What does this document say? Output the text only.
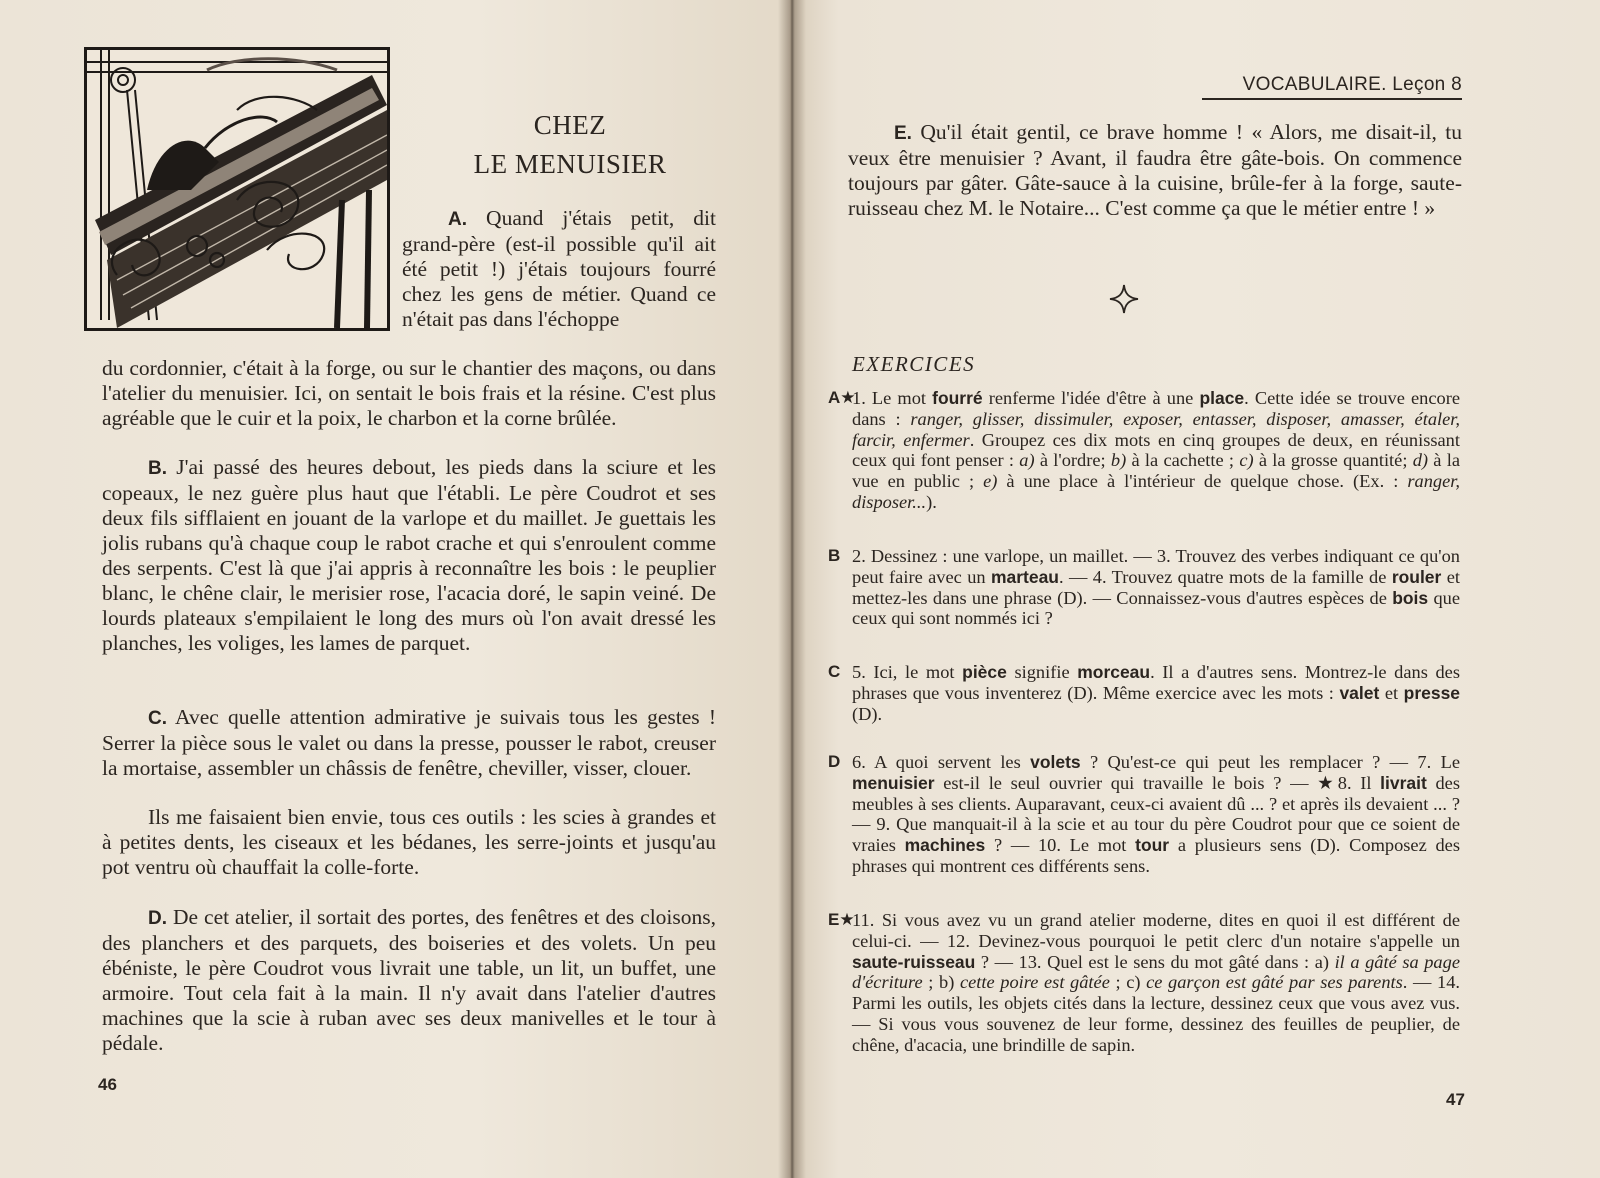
CHEZ
LE MENUISIER
A. Quand j'étais petit, dit grand-père (est-il possible qu'il ait été petit !) j'étais toujours fourré chez les gens de métier. Quand ce n'était pas dans l'échoppe
du cordonnier, c'était à la forge, ou sur le chantier des maçons, ou dans l'atelier du menuisier. Ici, on sentait le bois frais et la résine. C'est plus agréable que le cuir et la poix, le charbon et la corne brûlée.
B. J'ai passé des heures debout, les pieds dans la sciure et les copeaux, le nez guère plus haut que l'établi. Le père Coudrot et ses deux fils sifflaient en jouant de la varlope et du maillet. Je guettais les jolis rubans qu'à chaque coup le rabot crache et qui s'enroulent comme des serpents. C'est là que j'ai appris à reconnaître les bois : le peuplier blanc, le chêne clair, le merisier rose, l'acacia doré, le sapin veiné. De lourds plateaux s'empilaient le long des murs où l'on avait dressé les planches, les voliges, les lames de parquet.
C. Avec quelle attention admirative je suivais tous les gestes ! Serrer la pièce sous le valet ou dans la presse, pousser le rabot, creuser la mortaise, assembler un châssis de fenêtre, cheviller, visser, clouer.
Ils me faisaient bien envie, tous ces outils : les scies à grandes et à petites dents, les ciseaux et les bédanes, les serre-joints et jusqu'au pot ventru où chauffait la colle-forte.
D. De cet atelier, il sortait des portes, des fenêtres et des cloisons, des planchers et des parquets, des boiseries et des volets. Un peu ébéniste, le père Coudrot vous livrait une table, un lit, un buffet, une armoire. Tout cela fait à la main. Il n'y avait dans l'atelier d'autres machines que la scie à ruban avec ses deux manivelles et le tour à pédale.
46
VOCABULAIRE. Leçon 8
E. Qu'il était gentil, ce brave homme ! « Alors, me disait-il, tu veux être menuisier ? Avant, il faudra être gâte-bois. On commence toujours par gâter. Gâte-sauce à la cuisine, brûle-fer à la forge, saute-ruisseau chez M. le Notaire... C'est comme ça que le métier entre ! »
EXERCICES
A★
1. Le mot fourré renferme l'idée d'être à une place. Cette idée se trouve encore dans : ranger, glisser, dissimuler, exposer, entasser, disposer, amasser, étaler, farcir, enfermer. Groupez ces dix mots en cinq groupes de deux, en réunissant ceux qui font penser : a) à l'ordre; b) à la cachette ; c) à la grosse quantité; d) à la vue en public ; e) à une place à l'intérieur de quelque chose. (Ex. : ranger, disposer...).
B 2. Dessinez : une varlope, un maillet. — 3. Trouvez des verbes indiquant ce qu'on peut faire avec un marteau. — 4. Trouvez quatre mots de la famille de rouler et mettez-les dans une phrase (D). — Connaissez-vous d'autres espèces de bois que ceux qui sont nommés ici ?
C 5. Ici, le mot pièce signifie morceau. Il a d'autres sens. Montrez-le dans des phrases que vous inventerez (D). Même exercice avec les mots : valet et presse (D).
D 6. A quoi servent les volets ? Qu'est-ce qui peut les remplacer ? — 7. Le menuisier est-il le seul ouvrier qui travaille le bois ? — ★8. Il livrait des meubles à ses clients. Auparavant, ceux-ci avaient dû ... ? et après ils devaient ... ? — 9. Que manquait-il à la scie et au tour du père Coudrot pour que ce soient de vraies machines ? — 10. Le mot tour a plusieurs sens (D). Composez des phrases qui montrent ces différents sens.
E★
11. Si vous avez vu un grand atelier moderne, dites en quoi il est différent de celui-ci. — 12. Devinez-vous pourquoi le petit clerc d'un notaire s'appelle un saute-ruisseau ? — 13. Quel est le sens du mot gâté dans : a) il a gâté sa page d'écriture ; b) cette poire est gâtée ; c) ce garçon est gâté par ses parents. — 14. Parmi les outils, les objets cités dans la lecture, dessinez ceux que vous avez vus. — Si vous vous souvenez de leur forme, dessinez des feuilles de peuplier, de chêne, d'acacia, une brindille de sapin.
47
